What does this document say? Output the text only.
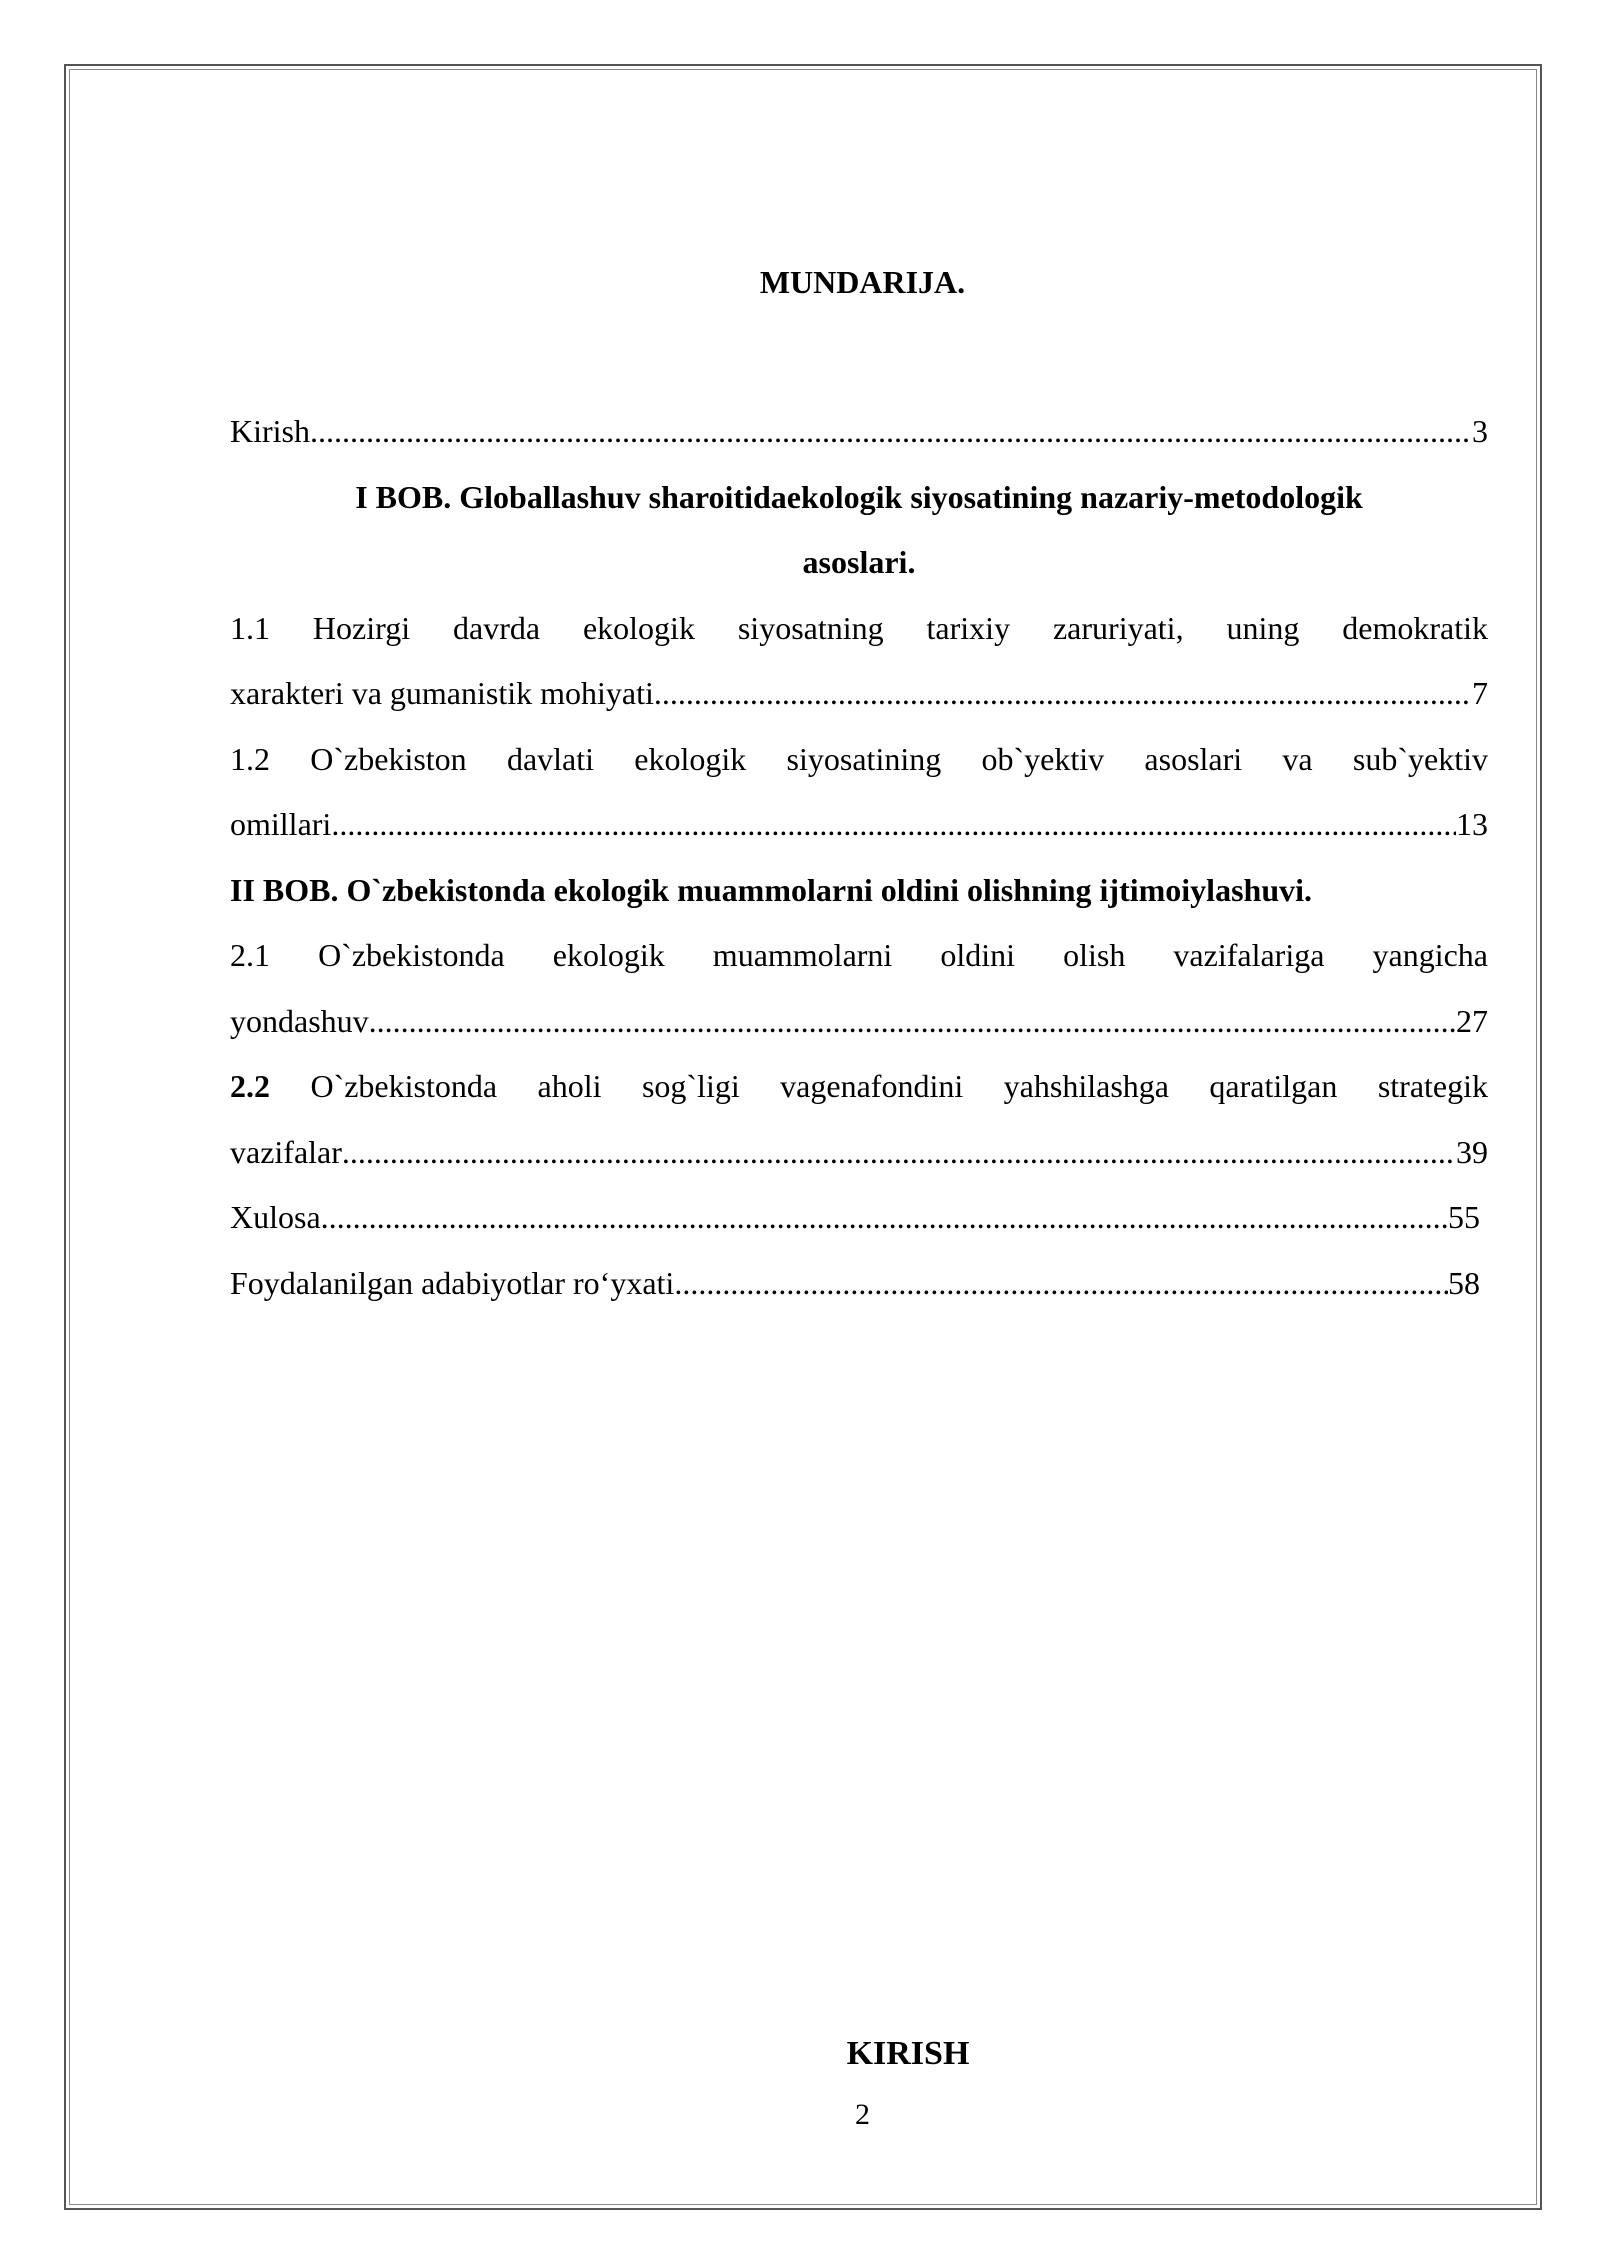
MUNDARIJA.

Kirish .....	3

I BOB. Globallashuv sharoitidaekologik siyosatining nazariy-metodologik

asoslari.

1.1 Hozirgi davrda ekologik siyosatning tarixiy zaruriyati, uning demokratik

xarakteri va gumanistik mohiyati .....	7

1.2 O`zbekiston davlati ekologik siyosatining ob`yektiv asoslari va sub`yektiv

omillari .....	13

II BOB. O`zbekistonda ekologik muammolarni oldini olishning ijtimoiylashuvi.

2.1 O`zbekistonda ekologik muammolarni oldini olish vazifalariga yangicha

yondashuv .....	27

2.2 O`zbekistonda aholi sog`ligi vagenafondini yahshilashga qaratilgan strategik

vazifalar .....	39

Xulosa .....	55

Foydalanilgan adabiyotlar ro‘yxati .....	58

KIRISH
2
